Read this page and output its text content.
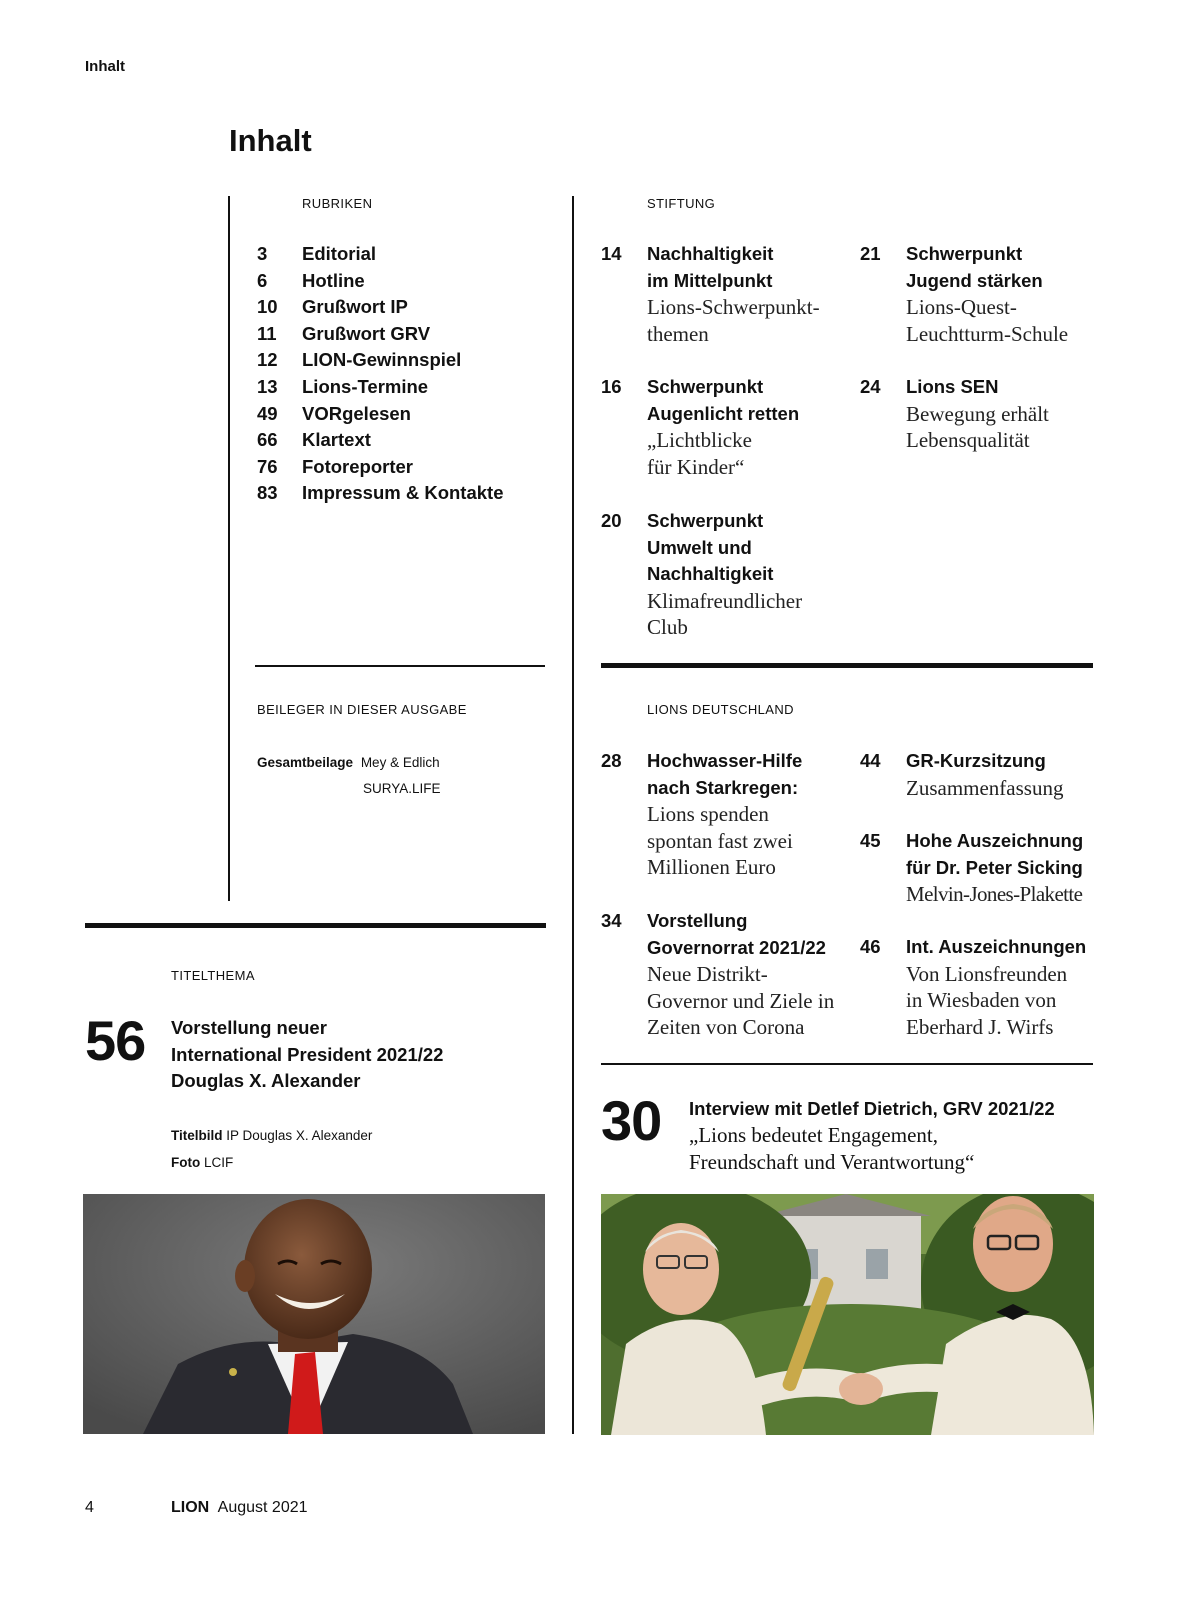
Inhalt
Inhalt
RUBRIKEN
3 Editorial
6 Hotline
10 Grußwort IP
11 Grußwort GRV
12 LION-Gewinnspiel
13 Lions-Termine
49 VORgelesen
66 Klartext
76 Fotoreporter
83 Impressum & Kontakte
STIFTUNG
14 Nachhaltigkeit
im Mittelpunkt
Lions-Schwerpunkt-
themen
16 Schwerpunkt
Augenlicht retten
„Lichtblicke
für Kinder“
20 Schwerpunkt
Umwelt und
Nachhaltigkeit
Klimafreundlicher
Club
21 Schwerpunkt
Jugend stärken
Lions-Quest-
Leuchtturm-Schule
24 Lions SEN
Bewegung erhält
Lebensqualität
BEILEGER IN DIESER AUSGABE
Gesamtbeilage Mey & Edlich
SURYA.LIFE
LIONS DEUTSCHLAND
28 Hochwasser-Hilfe
nach Starkregen:
Lions spenden
spontan fast zwei
Millionen Euro
34 Vorstellung
Governorrat 2021/22
Neue Distrikt-
Governor und Ziele in
Zeiten von Corona
44 GR-Kurzsitzung
Zusammenfassung
45 Hohe Auszeichnung
für Dr. Peter Sicking
Melvin-Jones-Plakette
46 Int. Auszeichnungen
Von Lionsfreunden
in Wiesbaden von
Eberhard J. Wirfs
TITELTHEMA
56 Vorstellung neuer
International President 2021/22
Douglas X. Alexander
Titelbild IP Douglas X. Alexander
Foto LCIF
30 Interview mit Detlef Dietrich, GRV 2021/22
„Lions bedeutet Engagement,
Freundschaft und Verantwortung“
4	LION August 2021
